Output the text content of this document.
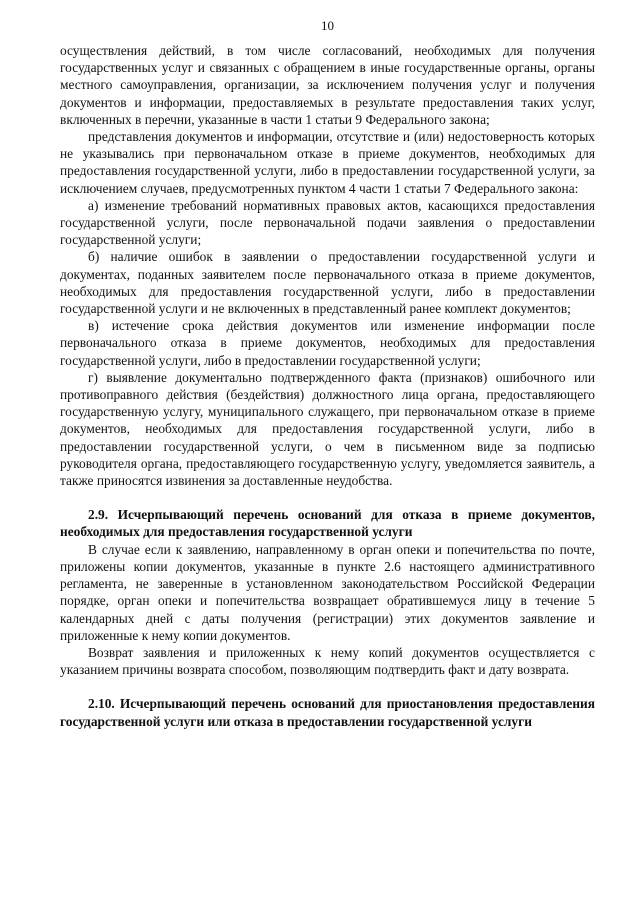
10

осуществления действий, в том числе согласований, необходимых для получения государственных услуг и связанных с обращением в иные государственные органы, органы местного самоуправления, организации, за исключением получения услуг и получения документов и информации, предоставляемых в результате предоставления таких услуг, включенных в перечни, указанные в части 1 статьи 9 Федерального закона;

представления документов и информации, отсутствие и (или) недостоверность которых не указывались при первоначальном отказе в приеме документов, необходимых для предоставления государственной услуги, либо в предоставлении государственной услуги, за исключением случаев, предусмотренных пунктом 4 части 1 статьи 7 Федерального закона:

а) изменение требований нормативных правовых актов, касающихся предоставления государственной услуги, после первоначальной подачи заявления о предоставлении государственной услуги;

б) наличие ошибок в заявлении о предоставлении государственной услуги и документах, поданных заявителем после первоначального отказа в приеме документов, необходимых для предоставления государственной услуги, либо в предоставлении государственной услуги и не включенных в представленный ранее комплект документов;

в) истечение срока действия документов или изменение информации после первоначального отказа в приеме документов, необходимых для предоставления государственной услуги, либо в предоставлении государственной услуги;

г) выявление документально подтвержденного факта (признаков) ошибочного или противоправного действия (бездействия) должностного лица органа, предоставляющего государственную услугу, муниципального служащего, при первоначальном отказе в приеме документов, необходимых для предоставления государственной услуги, либо в предоставлении государственной услуги, о чем в письменном виде за подписью руководителя органа, предоставляющего государственную услугу, уведомляется заявитель, а также приносятся извинения за доставленные неудобства.

2.9. Исчерпывающий перечень оснований для отказа в приеме документов, необходимых для предоставления государственной услуги

В случае если к заявлению, направленному в орган опеки и попечительства по почте, приложены копии документов, указанные в пункте 2.6 настоящего административного регламента, не заверенные в установленном законодательством Российской Федерации порядке, орган опеки и попечительства возвращает обратившемуся лицу в течение 5 календарных дней с даты получения (регистрации) этих документов заявление и приложенные к нему копии документов.

Возврат заявления и приложенных к нему копий документов осуществляется с указанием причины возврата способом, позволяющим подтвердить факт и дату возврата.

2.10. Исчерпывающий перечень оснований для приостановления предоставления государственной услуги или отказа в предоставлении государственной услуги
